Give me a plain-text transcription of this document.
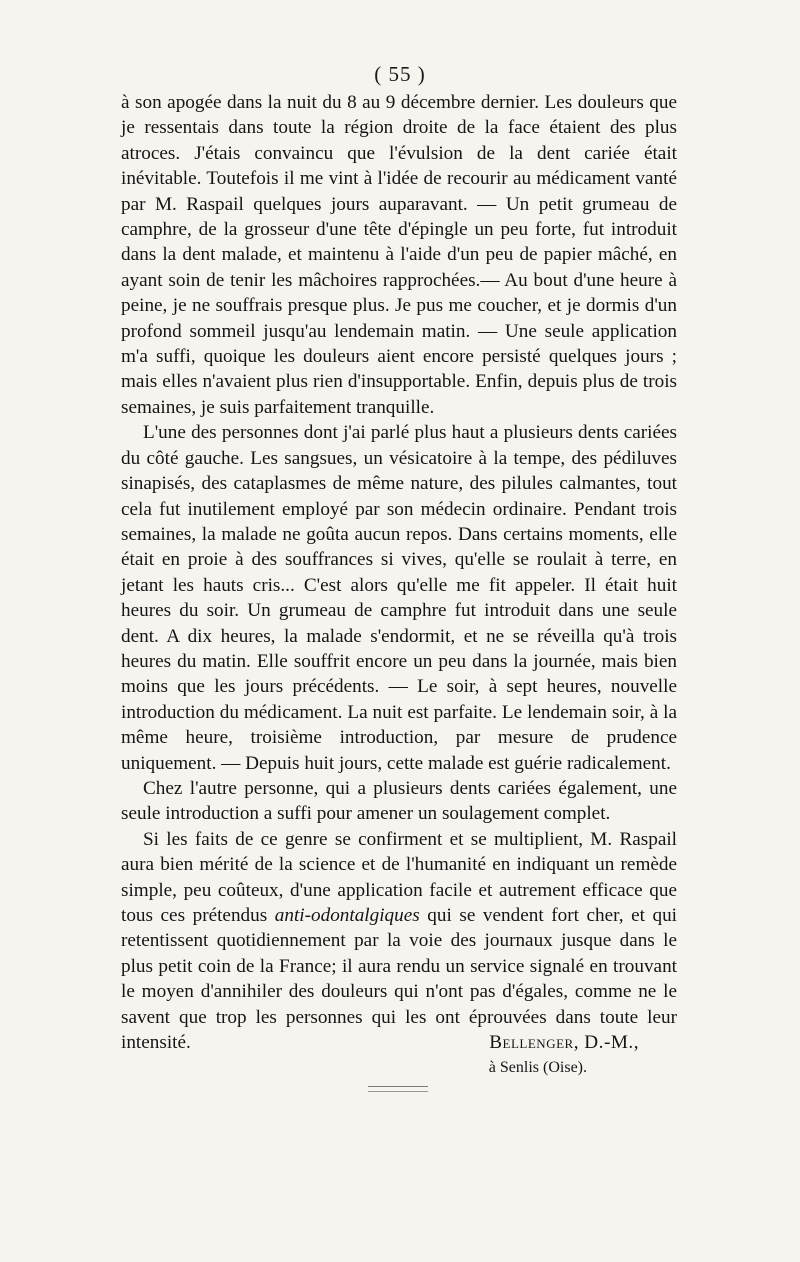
( 55 )

à son apogée dans la nuit du 8 au 9 décembre dernier. Les douleurs que je ressentais dans toute la région droite de la face étaient des plus atroces. J'étais convaincu que l'évulsion de la dent cariée était inévitable. Toutefois il me vint à l'idée de recourir au médicament vanté par M. Raspail quelques jours auparavant. — Un petit grumeau de camphre, de la grosseur d'une tête d'épingle un peu forte, fut introduit dans la dent malade, et maintenu à l'aide d'un peu de papier mâché, en ayant soin de tenir les mâchoires rapprochées.— Au bout d'une heure à peine, je ne souffrais presque plus. Je pus me coucher, et je dormis d'un profond sommeil jusqu'au lendemain matin. — Une seule application m'a suffi, quoique les douleurs aient encore persisté quelques jours ; mais elles n'avaient plus rien d'insupportable. Enfin, depuis plus de trois semaines, je suis parfaitement tranquille.

L'une des personnes dont j'ai parlé plus haut a plusieurs dents cariées du côté gauche. Les sangsues, un vésicatoire à la tempe, des pédiluves sinapisés, des cataplasmes de même nature, des pilules calmantes, tout cela fut inutilement employé par son médecin ordinaire. Pendant trois semaines, la malade ne goûta aucun repos. Dans certains moments, elle était en proie à des souffrances si vives, qu'elle se roulait à terre, en jetant les hauts cris... C'est alors qu'elle me fit appeler. Il était huit heures du soir. Un grumeau de camphre fut introduit dans une seule dent. A dix heures, la malade s'endormit, et ne se réveilla qu'à trois heures du matin. Elle souffrit encore un peu dans la journée, mais bien moins que les jours précédents. — Le soir, à sept heures, nouvelle introduction du médicament. La nuit est parfaite. Le lendemain soir, à la même heure, troisième introduction, par mesure de prudence uniquement. — Depuis huit jours, cette malade est guérie radicalement.

Chez l'autre personne, qui a plusieurs dents cariées également, une seule introduction a suffi pour amener un soulagement complet.

Si les faits de ce genre se confirment et se multiplient, M. Raspail aura bien mérité de la science et de l'humanité en indiquant un remède simple, peu coûteux, d'une application facile et autrement efficace que tous ces prétendus anti-odontalgiques qui se vendent fort cher, et qui retentissent quotidiennement par la voie des journaux jusque dans le plus petit coin de la France; il aura rendu un service signalé en trouvant le moyen d'annihiler des douleurs qui n'ont pas d'égales, comme ne le savent que trop les personnes qui les ont éprouvées dans toute leur intensité.	Bellenger, D.-M.,

à Senlis (Oise).
